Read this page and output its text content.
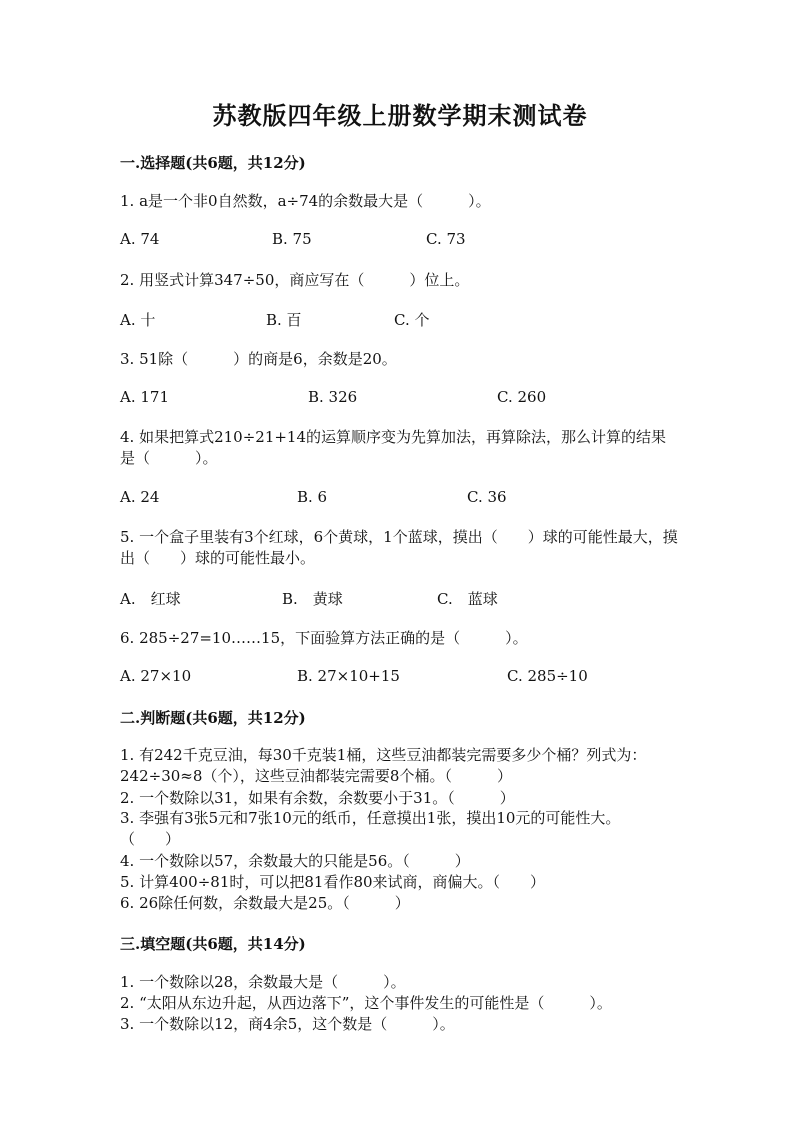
苏教版四年级上册数学期末测试卷
一.选择题(共6题，共12分)
1. a是一个非0自然数，a÷74的余数最大是（　　　）。
A. 74	B. 75	C. 73
2. 用竖式计算347÷50，商应写在（　　　）位上。
A. 十	B. 百	C. 个
3. 51除（　　　）的商是6，余数是20。
A. 171	B. 326	C. 260
4. 如果把算式210÷21+14的运算顺序变为先算加法，再算除法，那么计算的结果是（　　　）。
A. 24	B. 6	C. 36
5. 一个盒子里装有3个红球，6个黄球，1个蓝球，摸出（　　）球的可能性最大，摸出（　　）球的可能性最小。
A.　红球	B.　黄球	C.　蓝球
6. 285÷27=10……15，下面验算方法正确的是（　　　）。
A. 27×10	B. 27×10+15	C. 285÷10
二.判断题(共6题，共12分)
1. 有242千克豆油，每30千克装1桶，这些豆油都装完需要多少个桶？列式为：242÷30≈8（个），这些豆油都装完需要8个桶。（　　　）
2. 一个数除以31，如果有余数，余数要小于31。（　　　）
3. 李强有3张5元和7张10元的纸币，任意摸出1张，摸出10元的可能性大。　　（　　）
4. 一个数除以57，余数最大的只能是56。（　　　）
5. 计算400÷81时，可以把81看作80来试商，商偏大。（　　）
6. 26除任何数，余数最大是25。（　　　）
三.填空题(共6题，共14分)
1. 一个数除以28，余数最大是（　　　）。
2. “太阳从东边升起，从西边落下”，这个事件发生的可能性是（　　　）。
3. 一个数除以12，商4余5，这个数是（　　　）。
